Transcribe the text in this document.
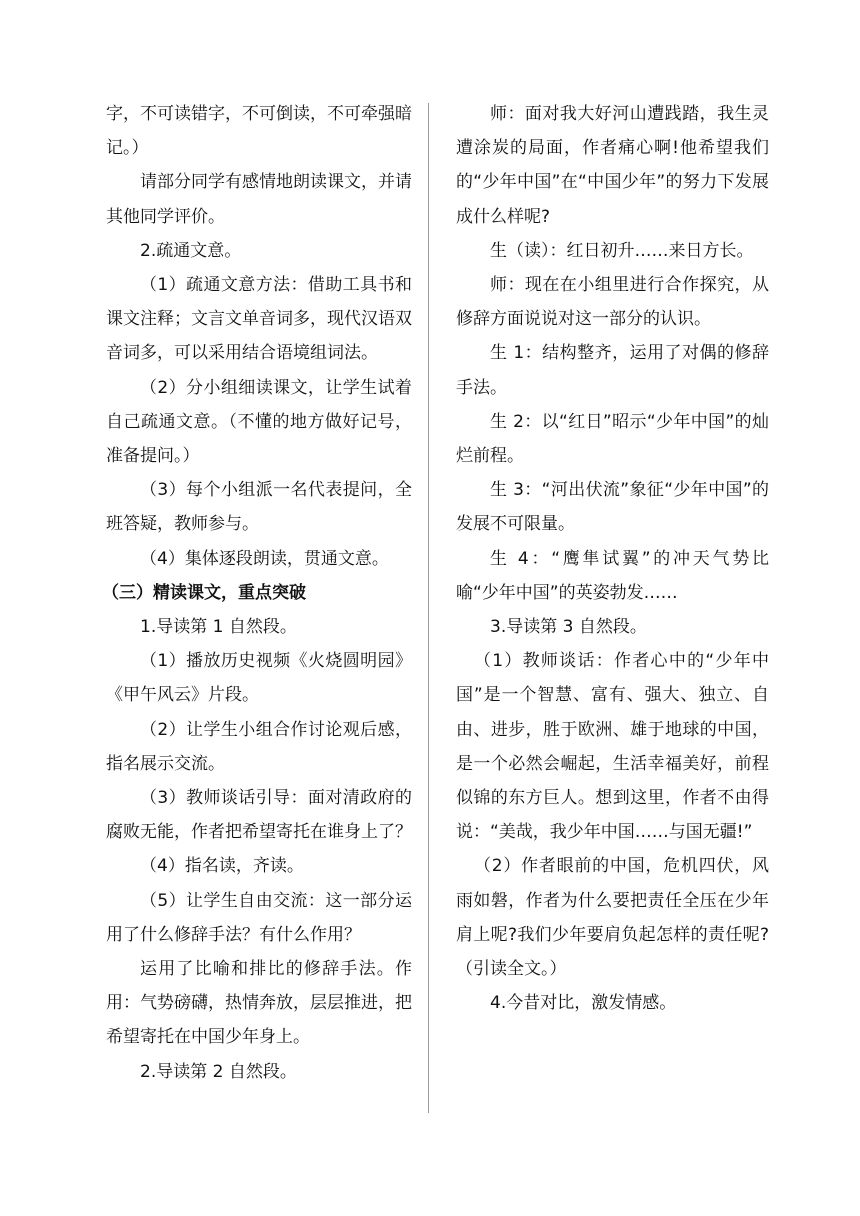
字，不可读错字，不可倒读，不可牵强暗记。）

请部分同学有感情地朗读课文，并请其他同学评价。

2.疏通文意。

（1）疏通文意方法：借助工具书和课文注释；文言文单音词多，现代汉语双音词多，可以采用结合语境组词法。

（2）分小组细读课文，让学生试着自己疏通文意。（不懂的地方做好记号，准备提问。）

（3）每个小组派一名代表提问，全班答疑，教师参与。

（4）集体逐段朗读，贯通文意。

（三）精读课文，重点突破

1.导读第 1 自然段。

（1）播放历史视频《火烧圆明园》《甲午风云》片段。

（2）让学生小组合作讨论观后感，指名展示交流。

（3）教师谈话引导：面对清政府的腐败无能，作者把希望寄托在谁身上了？

（4）指名读，齐读。

（5）让学生自由交流：这一部分运用了什么修辞手法？有什么作用？

运用了比喻和排比的修辞手法。作用：气势磅礴，热情奔放，层层推进，把希望寄托在中国少年身上。

2.导读第 2 自然段。

师：面对我大好河山遭践踏，我生灵遭涂炭的局面，作者痛心啊!他希望我们的“少年中国”在“中国少年”的努力下发展成什么样呢?

生（读）：红日初升……来日方长。

师：现在在小组里进行合作探究，从修辞方面说说对这一部分的认识。

生 1：结构整齐，运用了对偶的修辞手法。

生 2：以“红日”昭示“少年中国”的灿烂前程。

生 3：“河出伏流”象征“少年中国”的发展不可限量。

生 4：“鹰隼试翼”的冲天气势比喻“少年中国”的英姿勃发……

3.导读第 3 自然段。

（1）教师谈话：作者心中的“少年中国”是一个智慧、富有、强大、独立、自由、进步，胜于欧洲、雄于地球的中国，是一个必然会崛起，生活幸福美好，前程似锦的东方巨人。想到这里，作者不由得说：“美哉，我少年中国……与国无疆!”

（2）作者眼前的中国，危机四伏，风雨如磐，作者为什么要把责任全压在少年肩上呢?我们少年要肩负起怎样的责任呢?（引读全文。）

4.今昔对比，激发情感。
